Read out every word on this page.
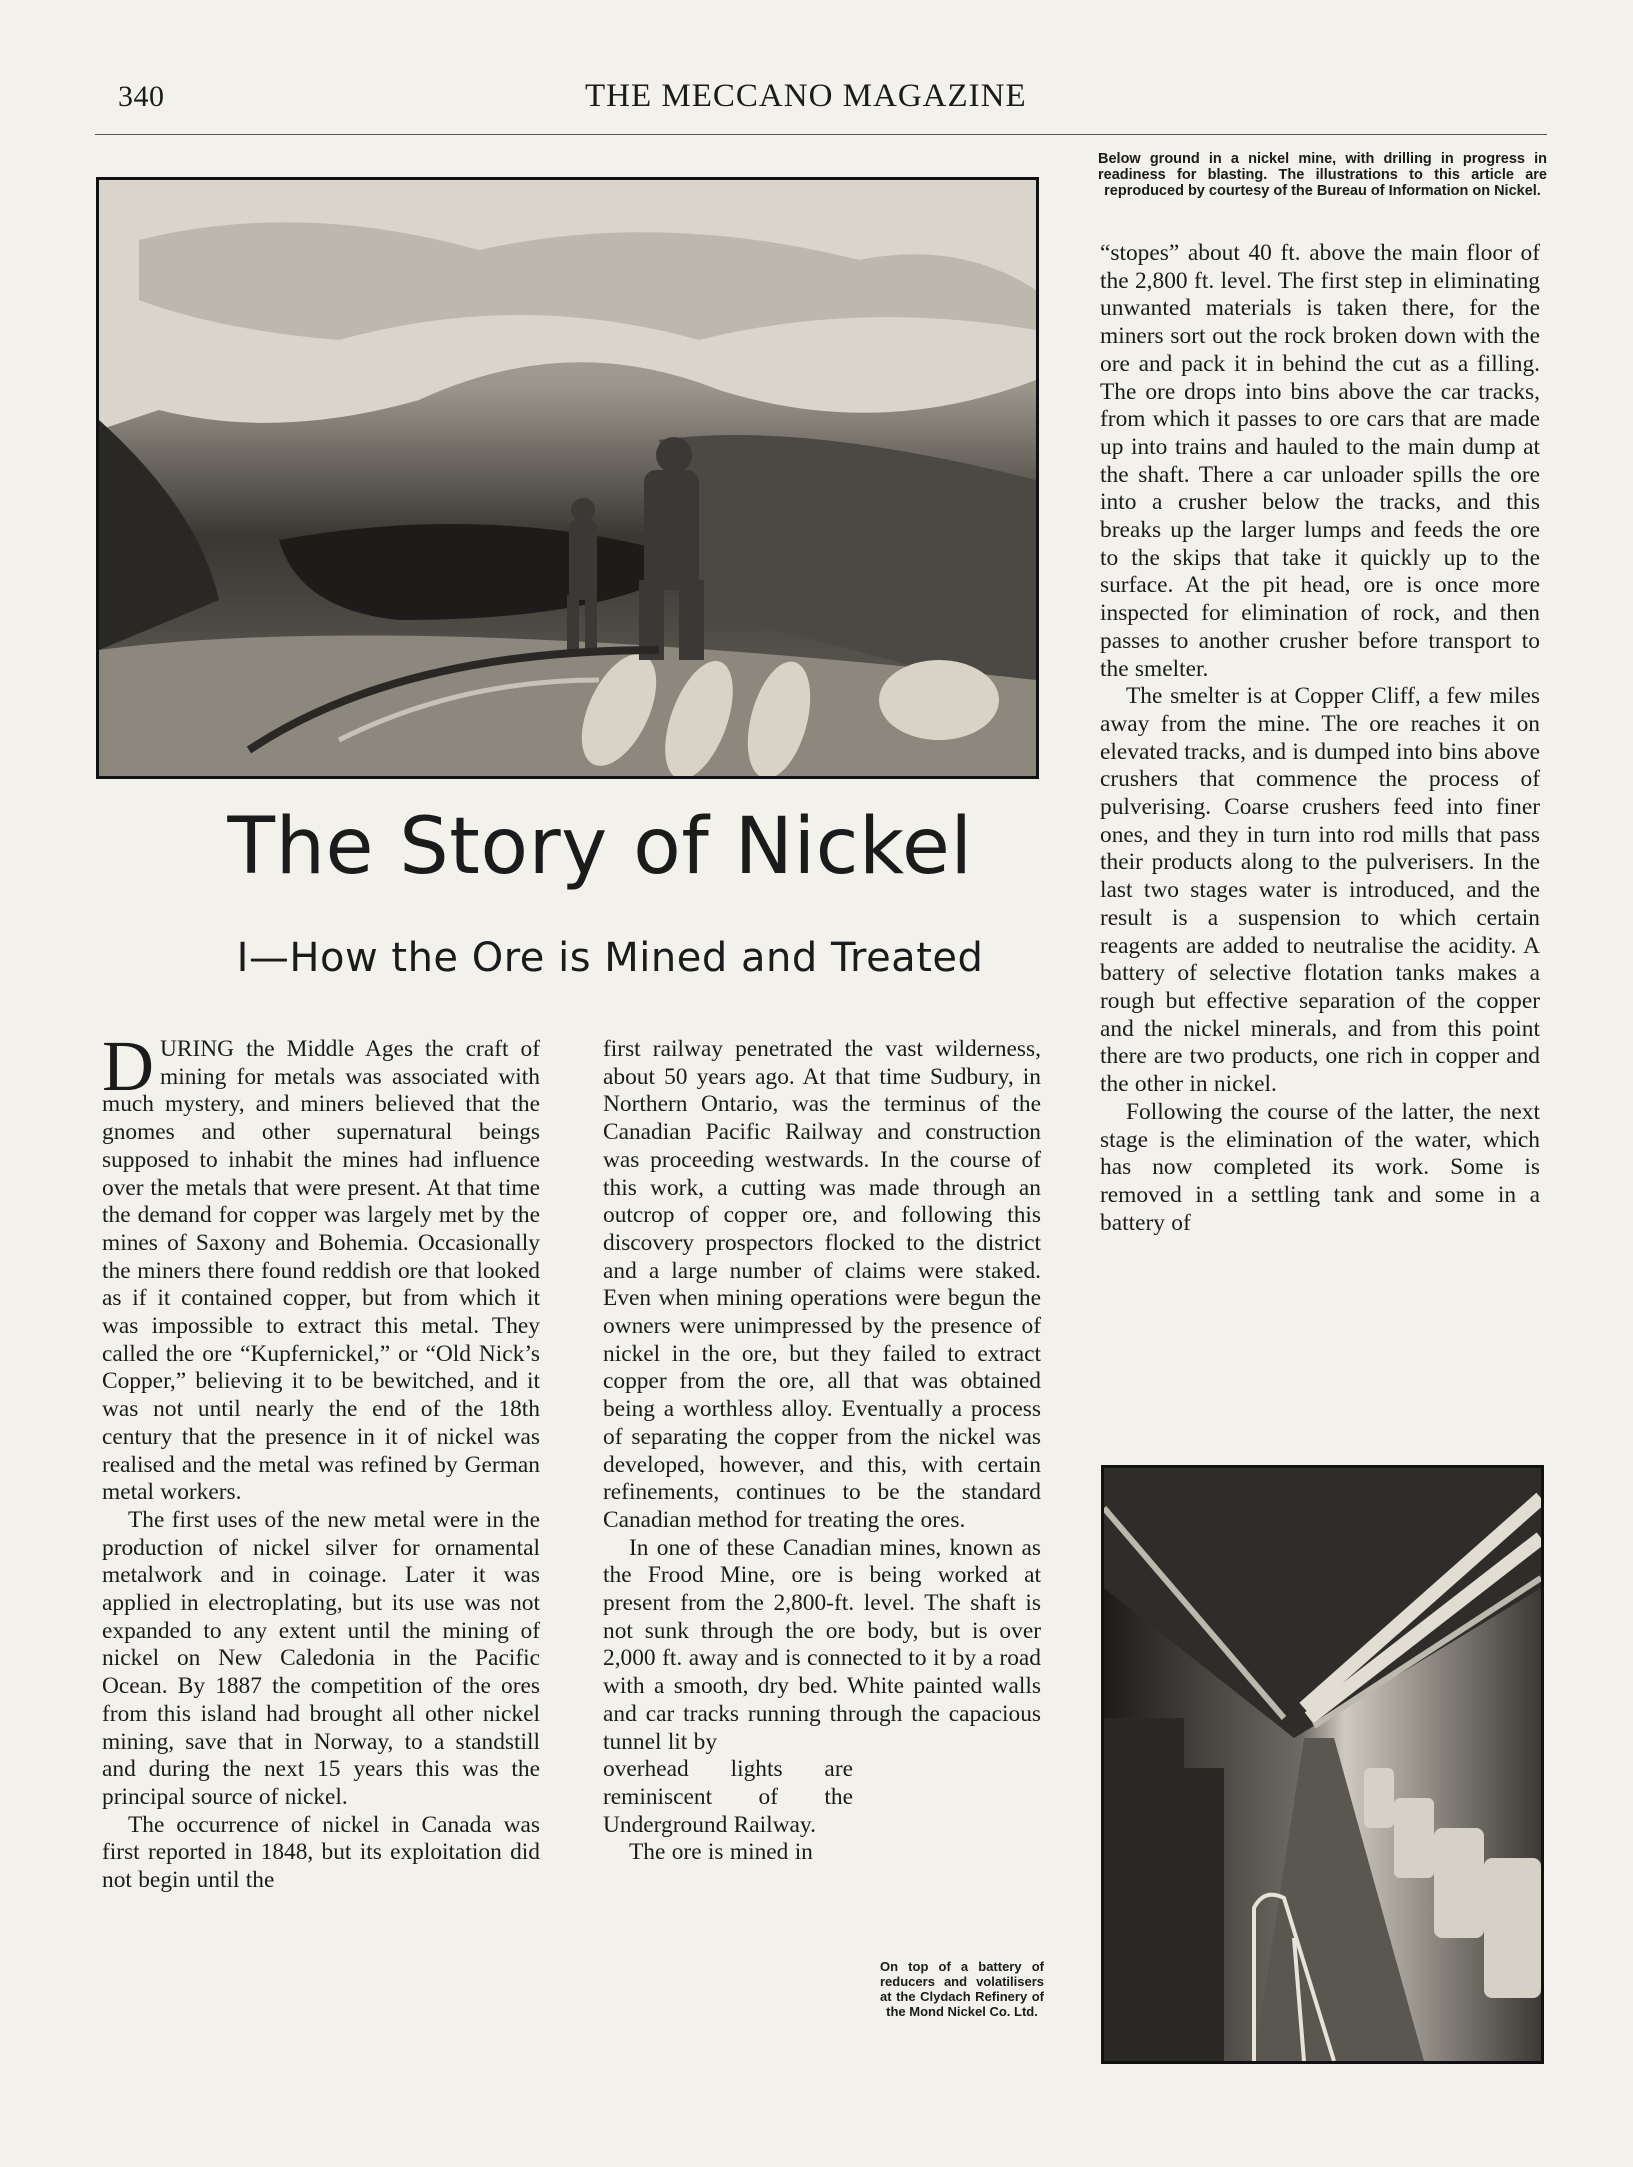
340	THE MECCANO MAGAZINE
Below ground in a nickel mine, with drilling in progress in readiness for blasting. The illustrations to this article are reproduced by courtesy of the Bureau of Information on Nickel.
The Story of Nickel
I—How the Ore is Mined and Treated

DURING the Middle Ages the craft of mining for metals was associated with much mystery, and miners believed that the gnomes and other supernatural beings supposed to inhabit the mines had influence over the metals that were present. At that time the demand for copper was largely met by the mines of Saxony and Bohemia. Occasionally the miners there found reddish ore that looked as if it contained copper, but from which it was impossible to extract this metal. They called the ore “Kupfernickel,” or “Old Nick’s Copper,” believing it to be bewitched, and it was not until nearly the end of the 18th century that the presence in it of nickel was realised and the metal was refined by German metal workers.

The first uses of the new metal were in the production of nickel silver for ornamental metalwork and in coinage. Later it was applied in electroplating, but its use was not expanded to any extent until the mining of nickel on New Caledonia in the Pacific Ocean. By 1887 the competition of the ores from this island had brought all other nickel mining, save that in Norway, to a standstill and during the next 15 years this was the principal source of nickel.

The occurrence of nickel in Canada was first reported in 1848, but its exploitation did not begin until the

first railway penetrated the vast wilderness, about 50 years ago. At that time Sudbury, in Northern Ontario, was the terminus of the Canadian Pacific Railway and construction was proceeding westwards. In the course of this work, a cutting was made through an outcrop of copper ore, and following this discovery prospectors flocked to the district and a large number of claims were staked. Even when mining operations were begun the owners were unimpressed by the presence of nickel in the ore, but they failed to extract copper from the ore, all that was obtained being a worthless alloy. Eventually a process of separating the copper from the nickel was developed, however, and this, with certain refinements, continues to be the standard Canadian method for treating the ores.

In one of these Canadian mines, known as the Frood Mine, ore is being worked at present from the 2,800-ft. level. The shaft is not sunk through the ore body, but is over 2,000 ft. away and is connected to it by a road with a smooth, dry bed. White painted walls and car tracks running through the capacious tunnel lit by

overhead lights are reminiscent of the Underground Railway.

The ore is mined in

On top of a battery of reducers and volatilisers at the Clydach Refinery of the Mond Nickel Co. Ltd.

“stopes” about 40 ft. above the main floor of the 2,800 ft. level. The first step in eliminating unwanted materials is taken there, for the miners sort out the rock broken down with the ore and pack it in behind the cut as a filling. The ore drops into bins above the car tracks, from which it passes to ore cars that are made up into trains and hauled to the main dump at the shaft. There a car unloader spills the ore into a crusher below the tracks, and this breaks up the larger lumps and feeds the ore to the skips that take it quickly up to the surface. At the pit head, ore is once more inspected for elimination of rock, and then passes to another crusher before transport to the smelter.

The smelter is at Copper Cliff, a few miles away from the mine. The ore reaches it on elevated tracks, and is dumped into bins above crushers that commence the process of pulverising. Coarse crushers feed into finer ones, and they in turn into rod mills that pass their products along to the pulverisers. In the last two stages water is introduced, and the result is a suspension to which certain reagents are added to neutralise the acidity. A battery of selective flotation tanks makes a rough but effective separation of the copper and the nickel minerals, and from this point there are two products, one rich in copper and the other in nickel.

Following the course of the latter, the next stage is the elimination of the water, which has now completed its work. Some is removed in a settling tank and some in a battery of
